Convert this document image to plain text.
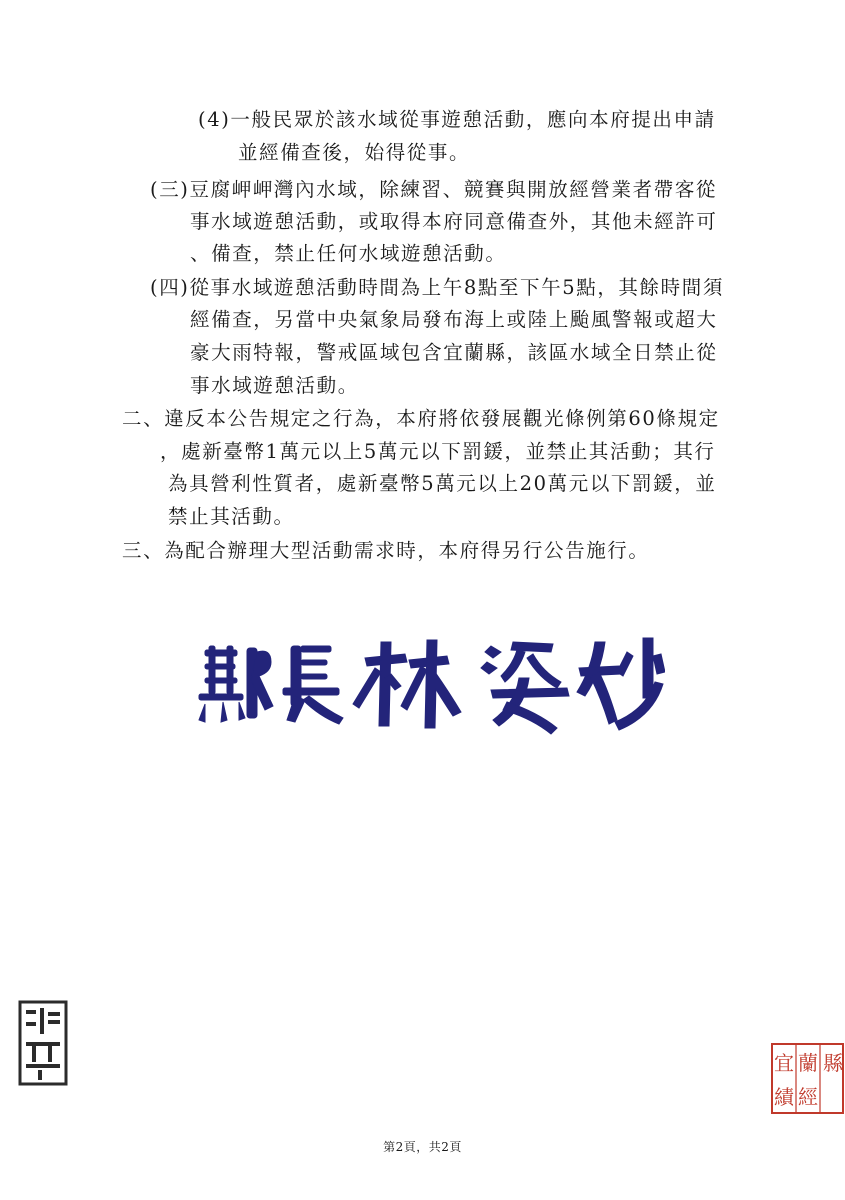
(4)一般民眾於該水域從事遊憩活動，應向本府提出申請
並經備查後，始得從事。
(三)豆腐岬岬灣內水域，除練習、競賽與開放經營業者帶客從
事水域遊憩活動，或取得本府同意備查外，其他未經許可
、備查，禁止任何水域遊憩活動。
(四)從事水域遊憩活動時間為上午8點至下午5點，其餘時間須
經備查，另當中央氣象局發布海上或陸上颱風警報或超大
豪大雨特報，警戒區域包含宜蘭縣，該區水域全日禁止從
事水域遊憩活動。
二、違反本公告規定之行為，本府將依發展觀光條例第60條規定
，處新臺幣1萬元以上5萬元以下罰鍰，並禁止其活動；其行
為具營利性質者，處新臺幣5萬元以上20萬元以下罰鍰，並
禁止其活動。
三、為配合辦理大型活動需求時，本府得另行公告施行。
縣
蘭
宜
經
績
第2頁，共2頁
